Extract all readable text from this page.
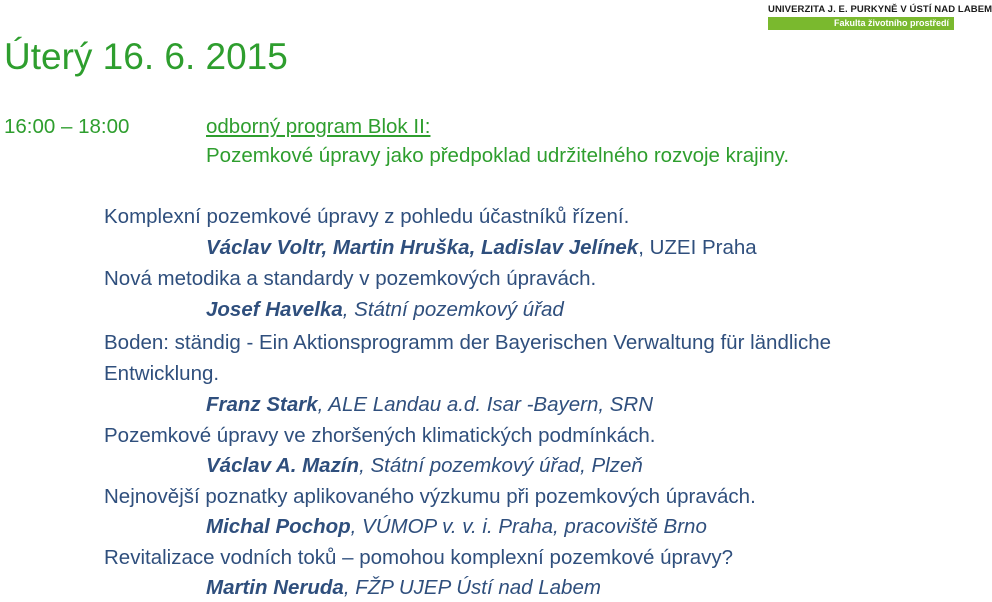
UNIVERZITA J. E. PURKYNĚ V ÚSTÍ NAD LABEM
Fakulta životního prostředí
Úterý 16. 6. 2015
16:00 – 18:00	odborný program Blok II:
Pozemkové úpravy jako předpoklad udržitelného rozvoje krajiny.
Komplexní pozemkové úpravy z pohledu účastníků řízení.
Václav Voltr, Martin Hruška, Ladislav Jelínek, UZEI Praha
Nová metodika a standardy v pozemkových úpravách.
Josef Havelka, Státní pozemkový úřad
Boden: ständig - Ein Aktionsprogramm der Bayerischen Verwaltung für ländliche
Entwicklung.
Franz Stark, ALE Landau a.d. Isar -Bayern, SRN
Pozemkové úpravy ve zhoršených klimatických podmínkách.
Václav A. Mazín, Státní pozemkový úřad, Plzeň
Nejnovější poznatky aplikovaného výzkumu při pozemkových úpravách.
Michal Pochop, VÚMOP v. v. i. Praha, pracoviště Brno
Revitalizace vodních toků – pomohou komplexní pozemkové úpravy?
Martin Neruda, FŽP UJEP Ústí nad Labem
